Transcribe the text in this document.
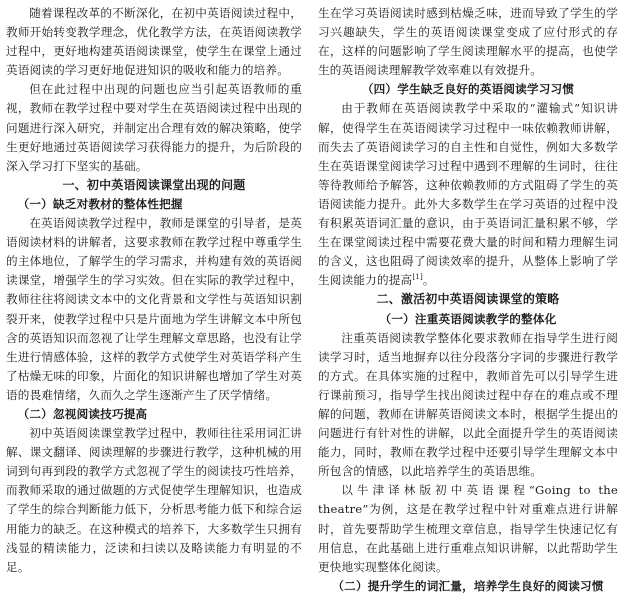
随着课程改革的不断深化，在初中英语阅读过程中，教师开始转变教学理念，优化教学方法，在英语阅读教学过程中，更好地构建英语阅读课堂，使学生在课堂上通过英语阅读的学习更好地促进知识的吸收和能力的培养。

但在此过程中出现的问题也应当引起英语教师的重视，教师在教学过程中要对学生在英语阅读过程中出现的问题进行深入研究，并制定出合理有效的解决策略，使学生更好地通过英语阅读学习获得能力的提升，为后阶段的深入学习打下坚实的基础。

一、初中英语阅读课堂出现的问题
（一）缺乏对教材的整体性把握

在英语阅读教学过程中，教师是课堂的引导者，是英语阅读材料的讲解者，这要求教师在教学过程中尊重学生的主体地位，了解学生的学习需求，并构建有效的英语阅读课堂，增强学生的学习实效。但在实际的教学过程中，教师往往将阅读文本中的文化背景和文学性与英语知识割裂开来，使教学过程中只是片面地为学生讲解文本中所包含的英语知识而忽视了让学生理解文章思路，也没有让学生进行情感体验，这样的教学方式使学生对英语学科产生了枯燥无味的印象，片面化的知识讲解也增加了学生对英语的畏难情绪，久而久之学生逐渐产生了厌学情绪。

（二）忽视阅读技巧提高

初中英语阅读课堂教学过程中，教师往往采用词汇讲解、课文翻译、阅读理解的步骤进行教学，这种机械的用词到句再到段的教学方式忽视了学生的阅读技巧性培养，而教师采取的通过做题的方式促使学生理解知识，也造成了学生的综合判断能力低下，分析思考能力低下和综合运用能力的缺乏。在这种模式的培养下，大多数学生只拥有浅显的精读能力，泛读和扫读以及略读能力有明显的不足。

生在学习英语阅读时感到枯燥乏味，进而导致了学生的学习兴趣缺失，学生的英语阅读课堂变成了应付形式的存在，这样的问题影响了学生阅读理解水平的提高，也使学生的英语阅读理解教学效率难以有效提升。

（四）学生缺乏良好的英语阅读学习习惯

由于教师在英语阅读教学中采取的“灌输式”知识讲解，使得学生在英语阅读学习过程中一味依赖教师讲解，而失去了英语阅读学习的自主性和自觉性，例如大多数学生在英语课堂阅读学习过程中遇到不理解的生词时，往往等待教师给予解答，这种依赖教师的方式阻碍了学生的英语阅读能力提升。此外大多数学生在学习英语的过程中没有积累英语词汇量的意识，由于英语词汇量积累不够，学生在课堂阅读过程中需要花费大量的时间和精力理解生词的含义，这也阻碍了阅读效率的提升，从整体上影响了学生阅读能力的提高[1]。

二、激活初中英语阅读课堂的策略
（一）注重英语阅读教学的整体化

注重英语阅读教学整体化要求教师在指导学生进行阅读学习时，适当地摒弃以往分段落分字词的步骤进行教学的方式。在具体实施的过程中，教师首先可以引导学生进行课前预习，指导学生找出阅读过程中存在的难点或不理解的问题，教师在讲解英语阅读文本时，根据学生提出的问题进行有针对性的讲解，以此全面提升学生的英语阅读能力，同时，教师在教学过程中还要引导学生理解文本中所包含的情感，以此培养学生的英语思维。

以牛津译林版初中英语课程“Going to the theatre”为例，这是在教学过程中针对重难点进行讲解时，首先要帮助学生梳理文章信息，指导学生快速记忆有用信息，在此基础上进行重难点知识讲解，以此帮助学生更快地实现整体化阅读。

（二）提升学生的词汇量，培养学生良好的阅读习惯
